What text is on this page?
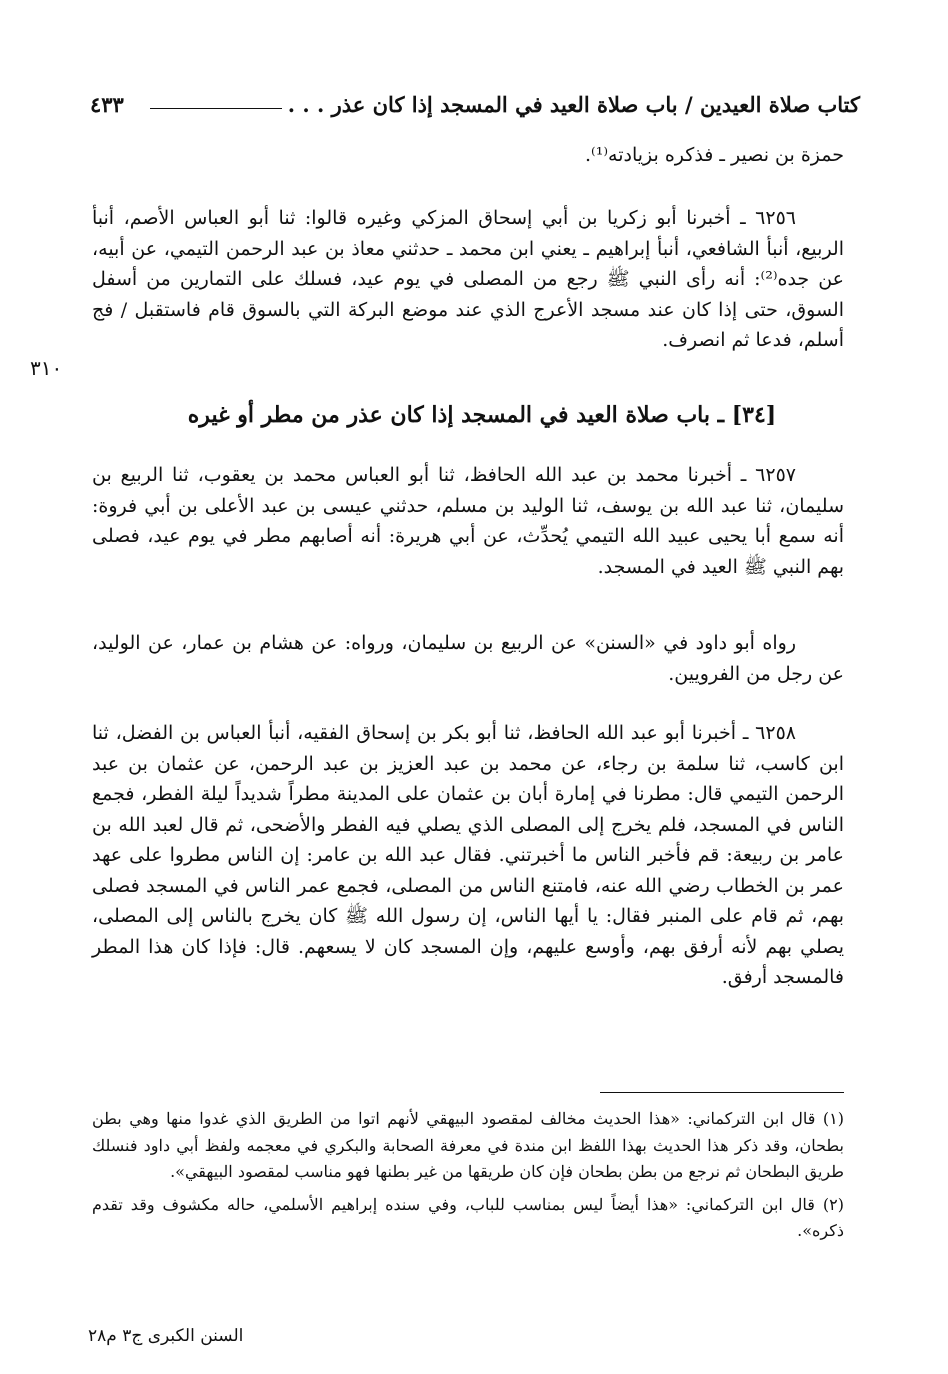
كتاب صلاة العيدين / باب صلاة العيد في المسجد إذا كان عذر . . .
٤٣٣
حمزة بن نصير ـ فذكره بزيادته⁽¹⁾.
٦٢٥٦ ـ أخبرنا أبو زكريا بن أبي إسحاق المزكي وغيره قالوا: ثنا أبو العباس الأصم، أنبأ الربيع، أنبأ الشافعي، أنبأ إبراهيم ـ يعني ابن محمد ـ حدثني معاذ بن عبد الرحمن التيمي، عن أبيه، عن جده⁽²⁾: أنه رأى النبي ﷺ رجع من المصلى في يوم عيد، فسلك على التمارين من أسفل السوق، حتى إذا كان عند مسجد الأعرج الذي عند موضع البركة التي بالسوق قام فاستقبل / فج أسلم، فدعا ثم انصرف.
٣١٠
[٣٤] ـ باب صلاة العيد في المسجد إذا كان عذر من مطر أو غيره
٦٢٥٧ ـ أخبرنا محمد بن عبد الله الحافظ، ثنا أبو العباس محمد بن يعقوب، ثنا الربيع بن سليمان، ثنا عبد الله بن يوسف، ثنا الوليد بن مسلم، حدثني عيسى بن عبد الأعلى بن أبي فروة: أنه سمع أبا يحيى عبيد الله التيمي يُحدِّث، عن أبي هريرة: أنه أصابهم مطر في يوم عيد، فصلى بهم النبي ﷺ العيد في المسجد.
رواه أبو داود في «السنن» عن الربيع بن سليمان، ورواه: عن هشام بن عمار، عن الوليد، عن رجل من الفرويين.
٦٢٥٨ ـ أخبرنا أبو عبد الله الحافظ، ثنا أبو بكر بن إسحاق الفقيه، أنبأ العباس بن الفضل، ثنا ابن كاسب، ثنا سلمة بن رجاء، عن محمد بن عبد العزيز بن عبد الرحمن، عن عثمان بن عبد الرحمن التيمي قال: مطرنا في إمارة أبان بن عثمان على المدينة مطراً شديداً ليلة الفطر، فجمع الناس في المسجد، فلم يخرج إلى المصلى الذي يصلي فيه الفطر والأضحى، ثم قال لعبد الله بن عامر بن ربيعة: قم فأخبر الناس ما أخبرتني. فقال عبد الله بن عامر: إن الناس مطروا على عهد عمر بن الخطاب رضي الله عنه، فامتنع الناس من المصلى، فجمع عمر الناس في المسجد فصلى بهم، ثم قام على المنبر فقال: يا أيها الناس، إن رسول الله ﷺ كان يخرج بالناس إلى المصلى، يصلي بهم لأنه أرفق بهم، وأوسع عليهم، وإن المسجد كان لا يسعهم. قال: فإذا كان هذا المطر فالمسجد أرفق.

(١) قال ابن التركماني: «هذا الحديث مخالف لمقصود البيهقي لأنهم اتوا من الطريق الذي غدوا منها وهي بطن بطحان، وقد ذكر هذا الحديث بهذا اللفظ ابن مندة في معرفة الصحابة والبكري في معجمه ولفظ أبي داود فنسلك طريق البطحان ثم نرجع من بطن بطحان فإن كان طريقها من غير بطنها فهو مناسب لمقصود البيهقي».

(٢) قال ابن التركماني: «هذا أيضاً ليس بمناسب للباب، وفي سنده إبراهيم الأسلمي، حاله مكشوف وقد تقدم ذكره».

السنن الكبرى ج٣ م٢٨
